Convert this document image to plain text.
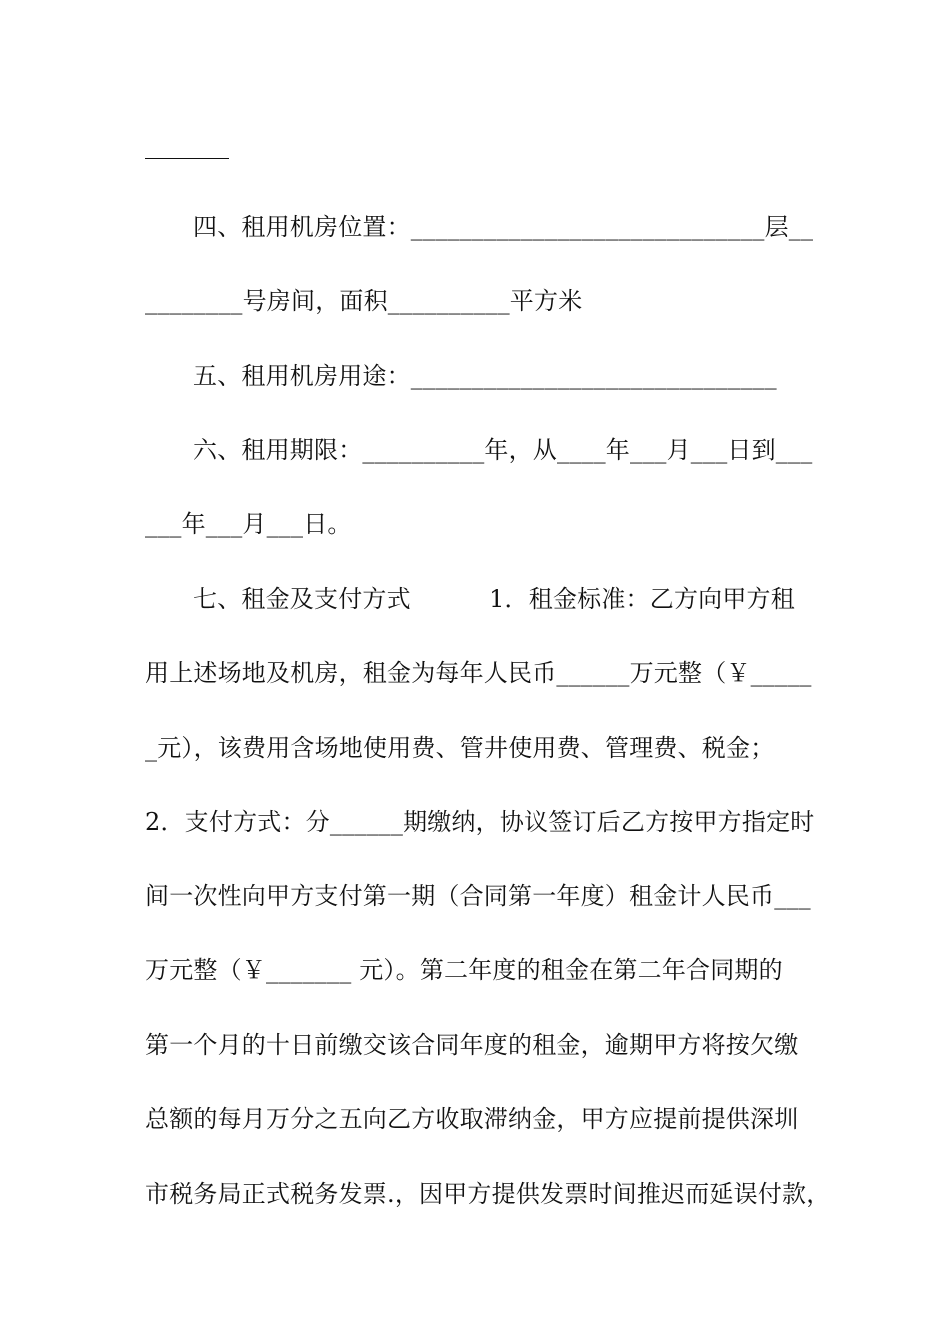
四、租用机房位置：_____________________________层__
________号房间，面积__________平方米
五、租用机房用途：______________________________
六、租用期限：__________年，从____年___月___日到___
___年___月___日。
七、租金及支付方式          1．租金标准：乙方向甲方租
用上述场地及机房，租金为每年人民币______万元整（￥_____
_元），该费用含场地使用费、管井使用费、管理费、税金；
2．支付方式：分______期缴纳，协议签订后乙方按甲方指定时
间一次性向甲方支付第一期（合同第一年度）租金计人民币___
万元整（￥_______ 元）。第二年度的租金在第二年合同期的
第一个月的十日前缴交该合同年度的租金，逾期甲方将按欠缴
总额的每月万分之五向乙方收取滞纳金，甲方应提前提供深圳
市税务局正式税务发票.，因甲方提供发票时间推迟而延误付款，
